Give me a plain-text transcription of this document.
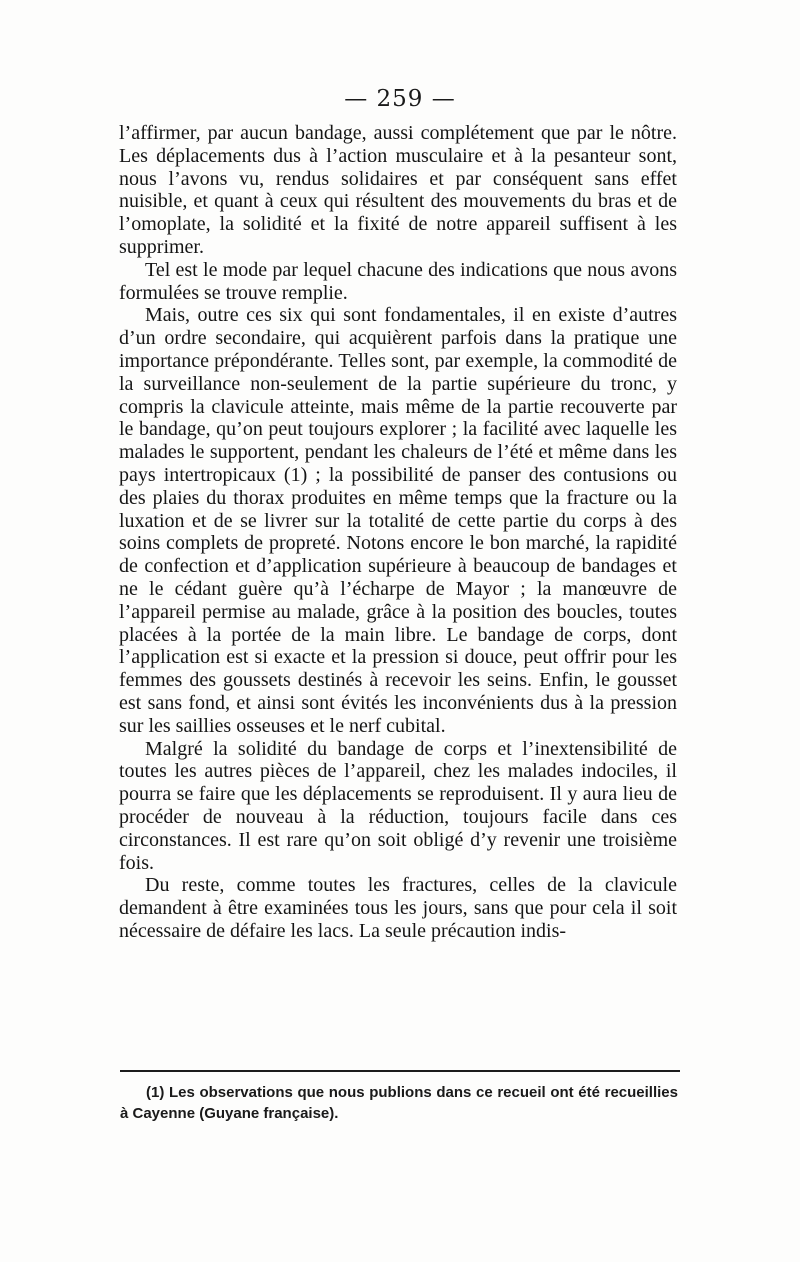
— 259 —

l’affirmer, par aucun bandage, aussi complétement que par le nôtre. Les déplacements dus à l’action musculaire et à la pesanteur sont, nous l’avons vu, rendus solidaires et par conséquent sans effet nuisible, et quant à ceux qui résultent des mouvements du bras et de l’omoplate, la solidité et la fixité de notre appareil suffisent à les supprimer.

Tel est le mode par lequel chacune des indications que nous avons formulées se trouve remplie.

Mais, outre ces six qui sont fondamentales, il en existe d’autres d’un ordre secondaire, qui acquièrent parfois dans la pratique une importance prépondérante. Telles sont, par exemple, la commodité de la surveillance non-seulement de la partie supérieure du tronc, y compris la clavicule atteinte, mais même de la partie recouverte par le bandage, qu’on peut toujours explorer ; la facilité avec laquelle les malades le supportent, pendant les chaleurs de l’été et même dans les pays intertropicaux (1) ; la possibilité de panser des contusions ou des plaies du thorax produites en même temps que la fracture ou la luxation et de se livrer sur la totalité de cette partie du corps à des soins complets de propreté. Notons encore le bon marché, la rapidité de confection et d’application supérieure à beaucoup de bandages et ne le cédant guère qu’à l’écharpe de Mayor ; la manœuvre de l’appareil permise au malade, grâce à la position des boucles, toutes placées à la portée de la main libre. Le bandage de corps, dont l’application est si exacte et la pression si douce, peut offrir pour les femmes des goussets destinés à recevoir les seins. Enfin, le gousset est sans fond, et ainsi sont évités les inconvénients dus à la pression sur les saillies osseuses et le nerf cubital.

Malgré la solidité du bandage de corps et l’inextensibilité de toutes les autres pièces de l’appareil, chez les malades indociles, il pourra se faire que les déplacements se reproduisent. Il y aura lieu de procéder de nouveau à la réduction, toujours facile dans ces circonstances. Il est rare qu’on soit obligé d’y revenir une troisième fois.

Du reste, comme toutes les fractures, celles de la clavicule demandent à être examinées tous les jours, sans que pour cela il soit nécessaire de défaire les lacs. La seule précaution indis-

(1) Les observations que nous publions dans ce recueil ont été recueillies à Cayenne (Guyane française).
